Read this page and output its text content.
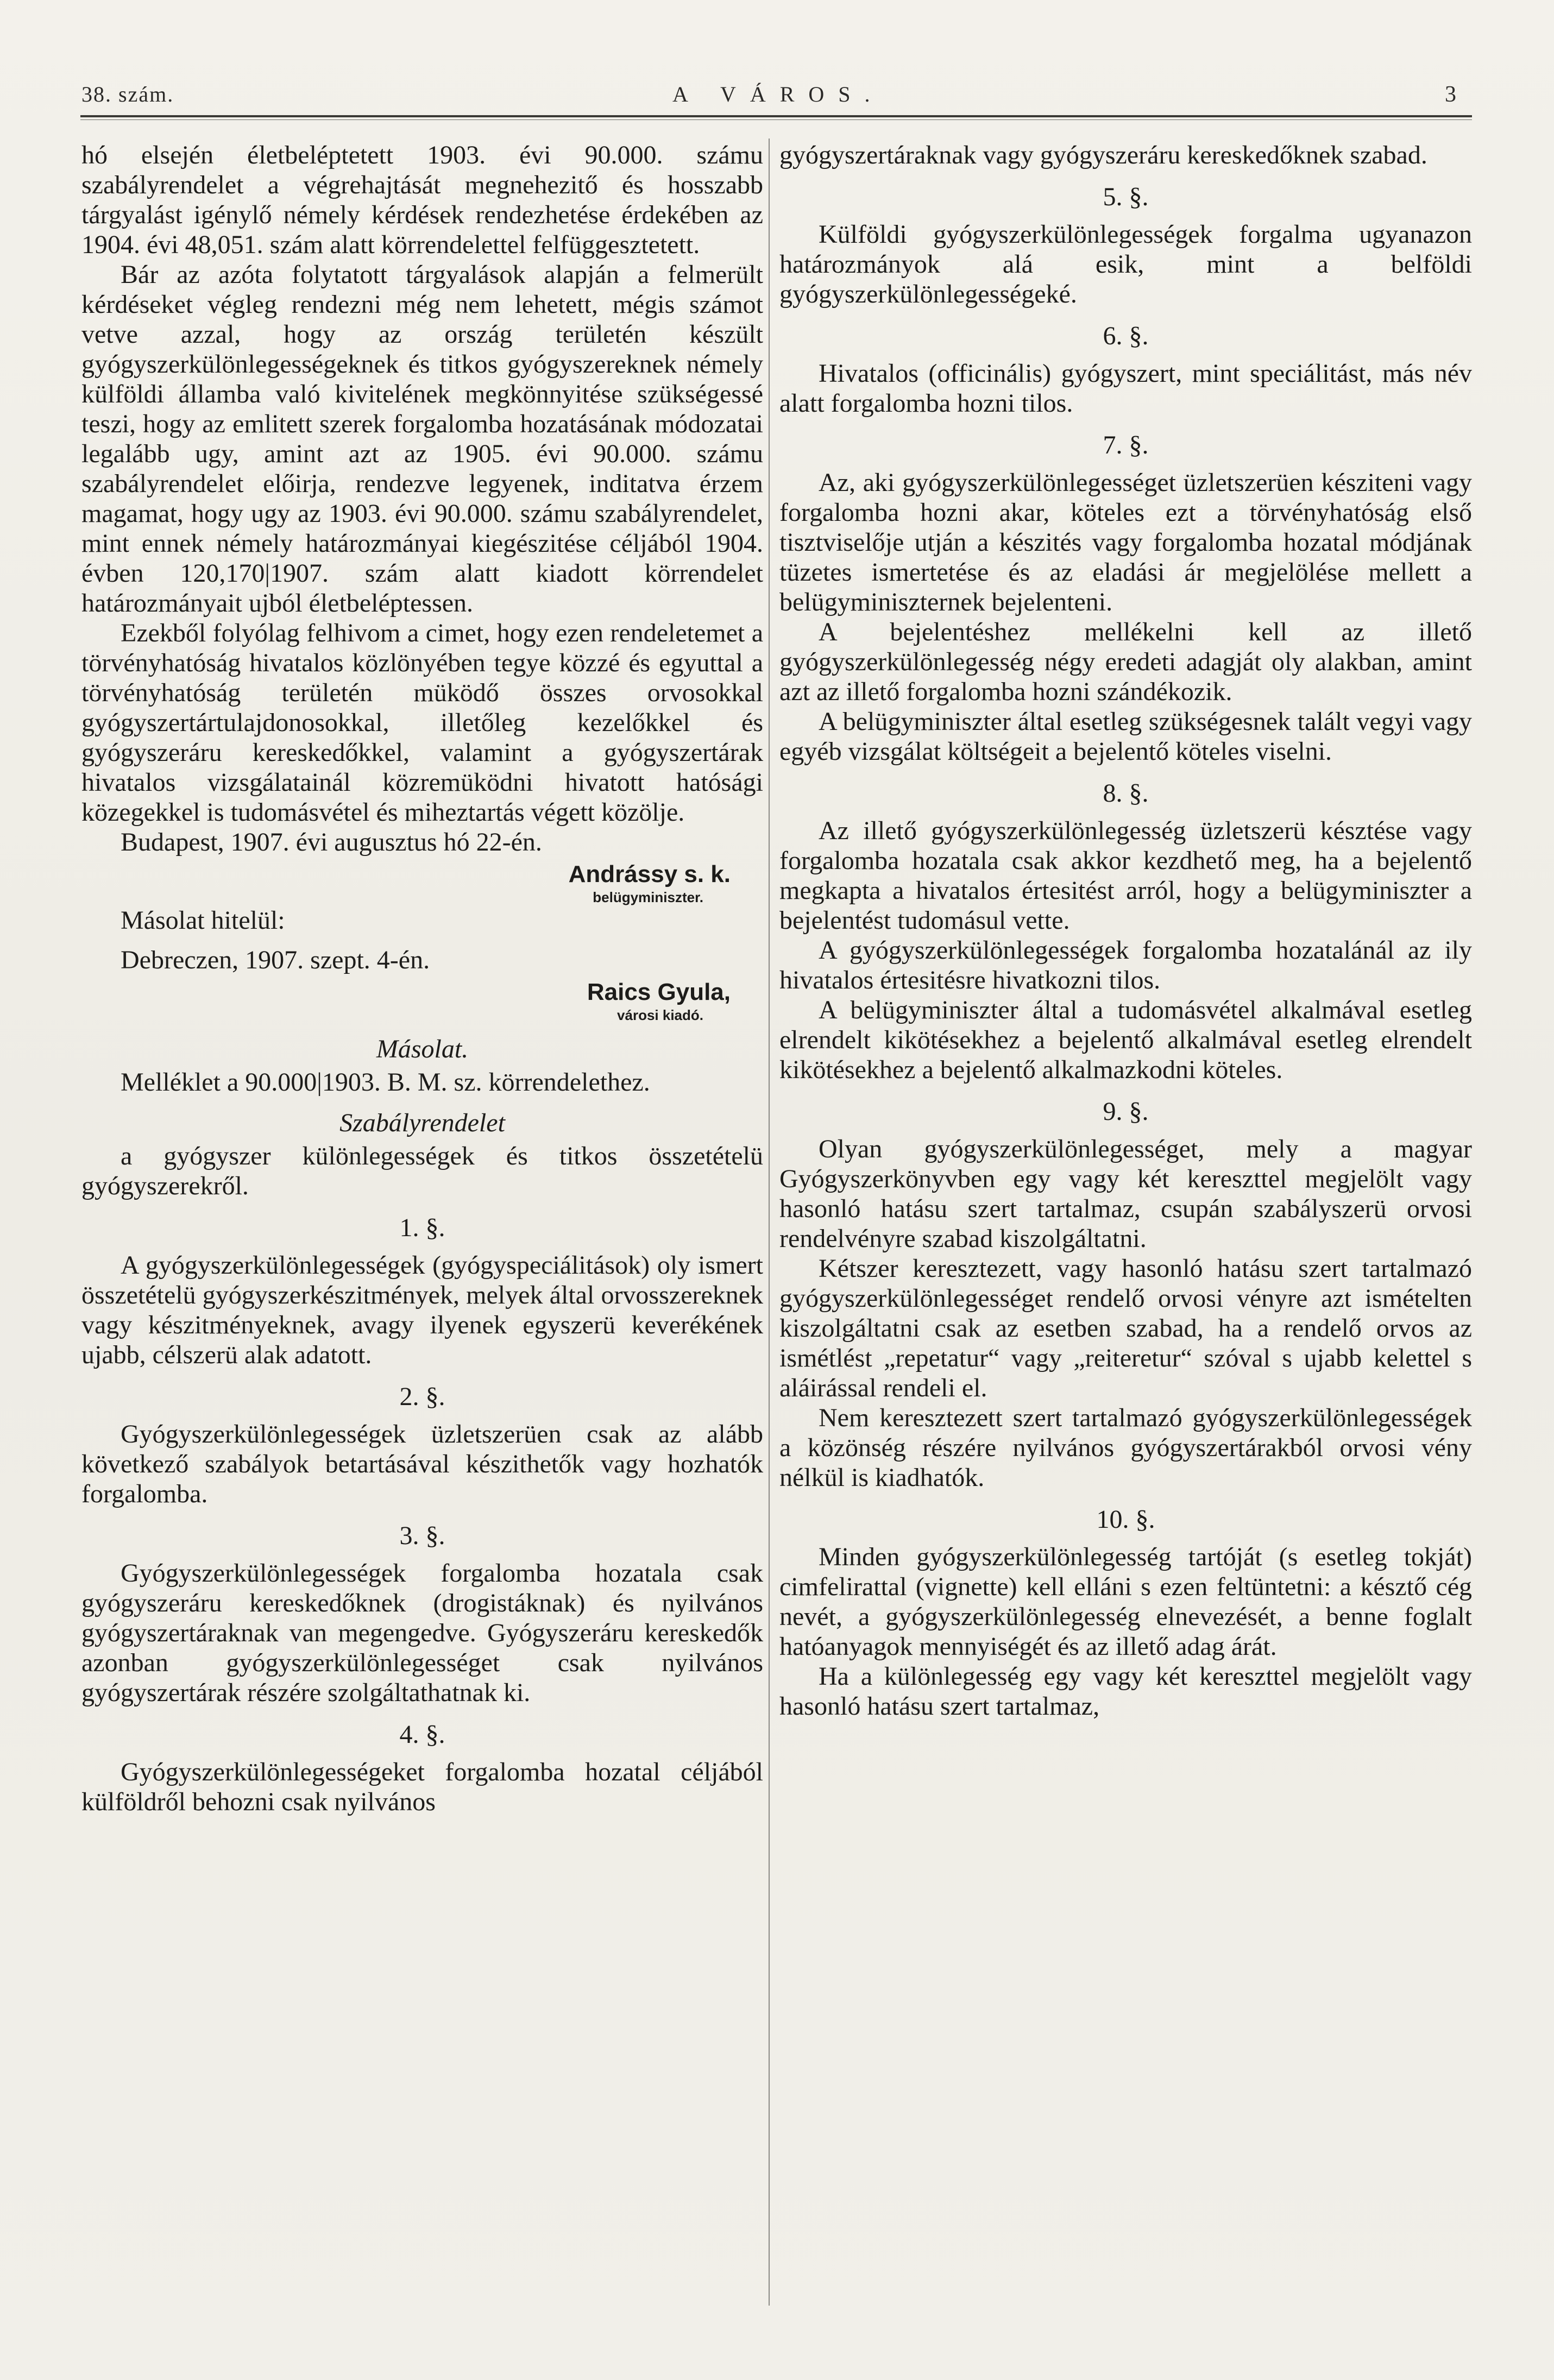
38. szám.	A VÁROS.	3

hó elsején életbeléptetett 1903. évi 90.000. számu szabályrendelet a végrehajtását megnehezitő és hosszabb tárgyalást igénylő némely kérdések rendezhetése érdekében az 1904. évi 48,051. szám alatt körrendelettel felfüggesztetett.

Bár az azóta folytatott tárgyalások alapján a felmerült kérdéseket végleg rendezni még nem lehetett, mégis számot vetve azzal, hogy az ország területén készült gyógyszerkülönlegességeknek és titkos gyógyszereknek némely külföldi államba való kivitelének megkönnyitése szükségessé teszi, hogy az emlitett szerek forgalomba hozatásának módozatai legalább ugy, amint azt az 1905. évi 90.000. számu szabályrendelet előirja, rendezve legyenek, inditatva érzem magamat, hogy ugy az 1903. évi 90.000. számu szabályrendelet, mint ennek némely határozmányai kiegészitése céljából 1904. évben 120,170|1907. szám alatt kiadott körrendelet határozmányait ujból életbeléptessen.

Ezekből folyólag felhivom a cimet, hogy ezen rendeletemet a törvényhatóság hivatalos közlönyében tegye közzé és egyuttal a törvényhatóság területén müködő összes orvosokkal gyógyszertártulajdonosokkal, illetőleg kezelőkkel és gyógyszeráru kereskedőkkel, valamint a gyógyszertárak hivatalos vizsgálatainál közremüködni hivatott hatósági közegekkel is tudomásvétel és miheztartás végett közölje.

Budapest, 1907. évi augusztus hó 22-én.

Andrássy s. k.
belügyminiszter.

Másolat hitelül:

Debreczen, 1907. szept. 4-én.

Raics Gyula,
városi kiadó.
Másolat.

Melléklet a 90.000|1903. B. M. sz. körrendelethez.

Szabályrendelet

a gyógyszer különlegességek és titkos összetételü gyógyszerekről.

1. §.

A gyógyszerkülönlegességek (gyógyspeciálitások) oly ismert összetételü gyógyszerkészitmények, melyek által orvosszereknek vagy készitményeknek, avagy ilyenek egyszerü keverékének ujabb, célszerü alak adatott.

2. §.

Gyógyszerkülönlegességek üzletszerüen csak az alább következő szabályok betartásával készithetők vagy hozhatók forgalomba.

3. §.

Gyógyszerkülönlegességek forgalomba hozatala csak gyógyszeráru kereskedőknek (drogistáknak) és nyilvános gyógyszertáraknak van megengedve. Gyógyszeráru kereskedők azonban gyógyszerkülönlegességet csak nyilvános gyógyszertárak részére szolgáltathatnak ki.

4. §.

Gyógyszerkülönlegességeket forgalomba hozatal céljából külföldről behozni csak nyilvános

gyógyszertáraknak vagy gyógyszeráru kereskedőknek szabad.

5. §.

Külföldi gyógyszerkülönlegességek forgalma ugyanazon határozmányok alá esik, mint a belföldi gyógyszerkülönlegességeké.

6. §.

Hivatalos (officinális) gyógyszert, mint speciálitást, más név alatt forgalomba hozni tilos.

7. §.

Az, aki gyógyszerkülönlegességet üzletszerüen késziteni vagy forgalomba hozni akar, köteles ezt a törvényhatóság első tisztviselője utján a készités vagy forgalomba hozatal módjának tüzetes ismertetése és az eladási ár megjelölése mellett a belügyminiszternek bejelenteni.

A bejelentéshez mellékelni kell az illető gyógyszerkülönlegesség négy eredeti adagját oly alakban, amint azt az illető forgalomba hozni szándékozik.

A belügyminiszter által esetleg szükségesnek talált vegyi vagy egyéb vizsgálat költségeit a bejelentő köteles viselni.

8. §.

Az illető gyógyszerkülönlegesség üzletszerü késztése vagy forgalomba hozatala csak akkor kezdhető meg, ha a bejelentő megkapta a hivatalos értesitést arról, hogy a belügyminiszter a bejelentést tudomásul vette.

A gyógyszerkülönlegességek forgalomba hozatalánál az ily hivatalos értesitésre hivatkozni tilos.

A belügyminiszter által a tudomásvétel alkalmával esetleg elrendelt kikötésekhez a bejelentő alkalmával esetleg elrendelt kikötésekhez a bejelentő alkalmazkodni köteles.

9. §.

Olyan gyógyszerkülönlegességet, mely a magyar Gyógyszerkönyvben egy vagy két kereszttel megjelölt vagy hasonló hatásu szert tartalmaz, csupán szabályszerü orvosi rendelvényre szabad kiszolgáltatni.

Kétszer keresztezett, vagy hasonló hatásu szert tartalmazó gyógyszerkülönlegességet rendelő orvosi vényre azt ismételten kiszolgáltatni csak az esetben szabad, ha a rendelő orvos az ismétlést „repetatur“ vagy „reiteretur“ szóval s ujabb kelettel s aláirással rendeli el.

Nem keresztezett szert tartalmazó gyógyszerkülönlegességek a közönség részére nyilvános gyógyszertárakból orvosi vény nélkül is kiadhatók.

10. §.

Minden gyógyszerkülönlegesség tartóját (s esetleg tokját) cimfelirattal (vignette) kell elláni s ezen feltüntetni: a késztő cég nevét, a gyógyszerkülönlegesség elnevezését, a benne foglalt hatóanyagok mennyiségét és az illető adag árát.

Ha a különlegesség egy vagy két kereszttel megjelölt vagy hasonló hatásu szert tartalmaz,
